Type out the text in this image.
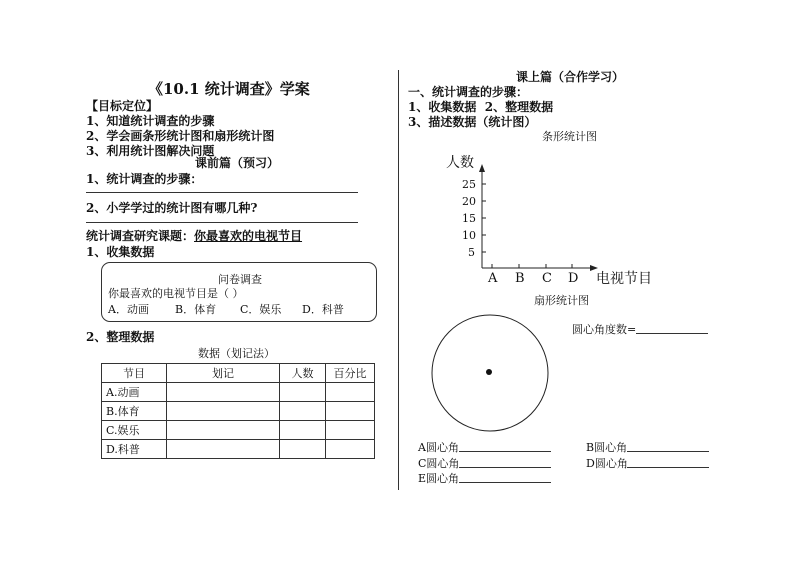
《10.1 统计调查》学案
【目标定位】
1、知道统计调查的步骤
2、学会画条形统计图和扇形统计图
3、利用统计图解决问题
课前篇（预习）
1、统计调查的步骤：
2、小学学过的统计图有哪几种?
统计调查研究课题：你最喜欢的电视节目
1、收集数据
问卷调查
你最喜欢的电视节目是（ ）
A．动画 B．体育 C．娱乐 D．科普
2、整理数据
数据（划记法）
节目	划记	人数	百分比
A.动画			
B.体育			
C.娱乐			
D.科普			
课上篇（合作学习）
一、统计调查的步骤：
1、收集数据 2、整理数据
3、描述数据（统计图）
条形统计图
人数
25
20
15
10
5
A B C D 电视节目
扇形统计图
圆心角度数=
A圆心角	B圆心角
C圆心角	D圆心角
E圆心角
